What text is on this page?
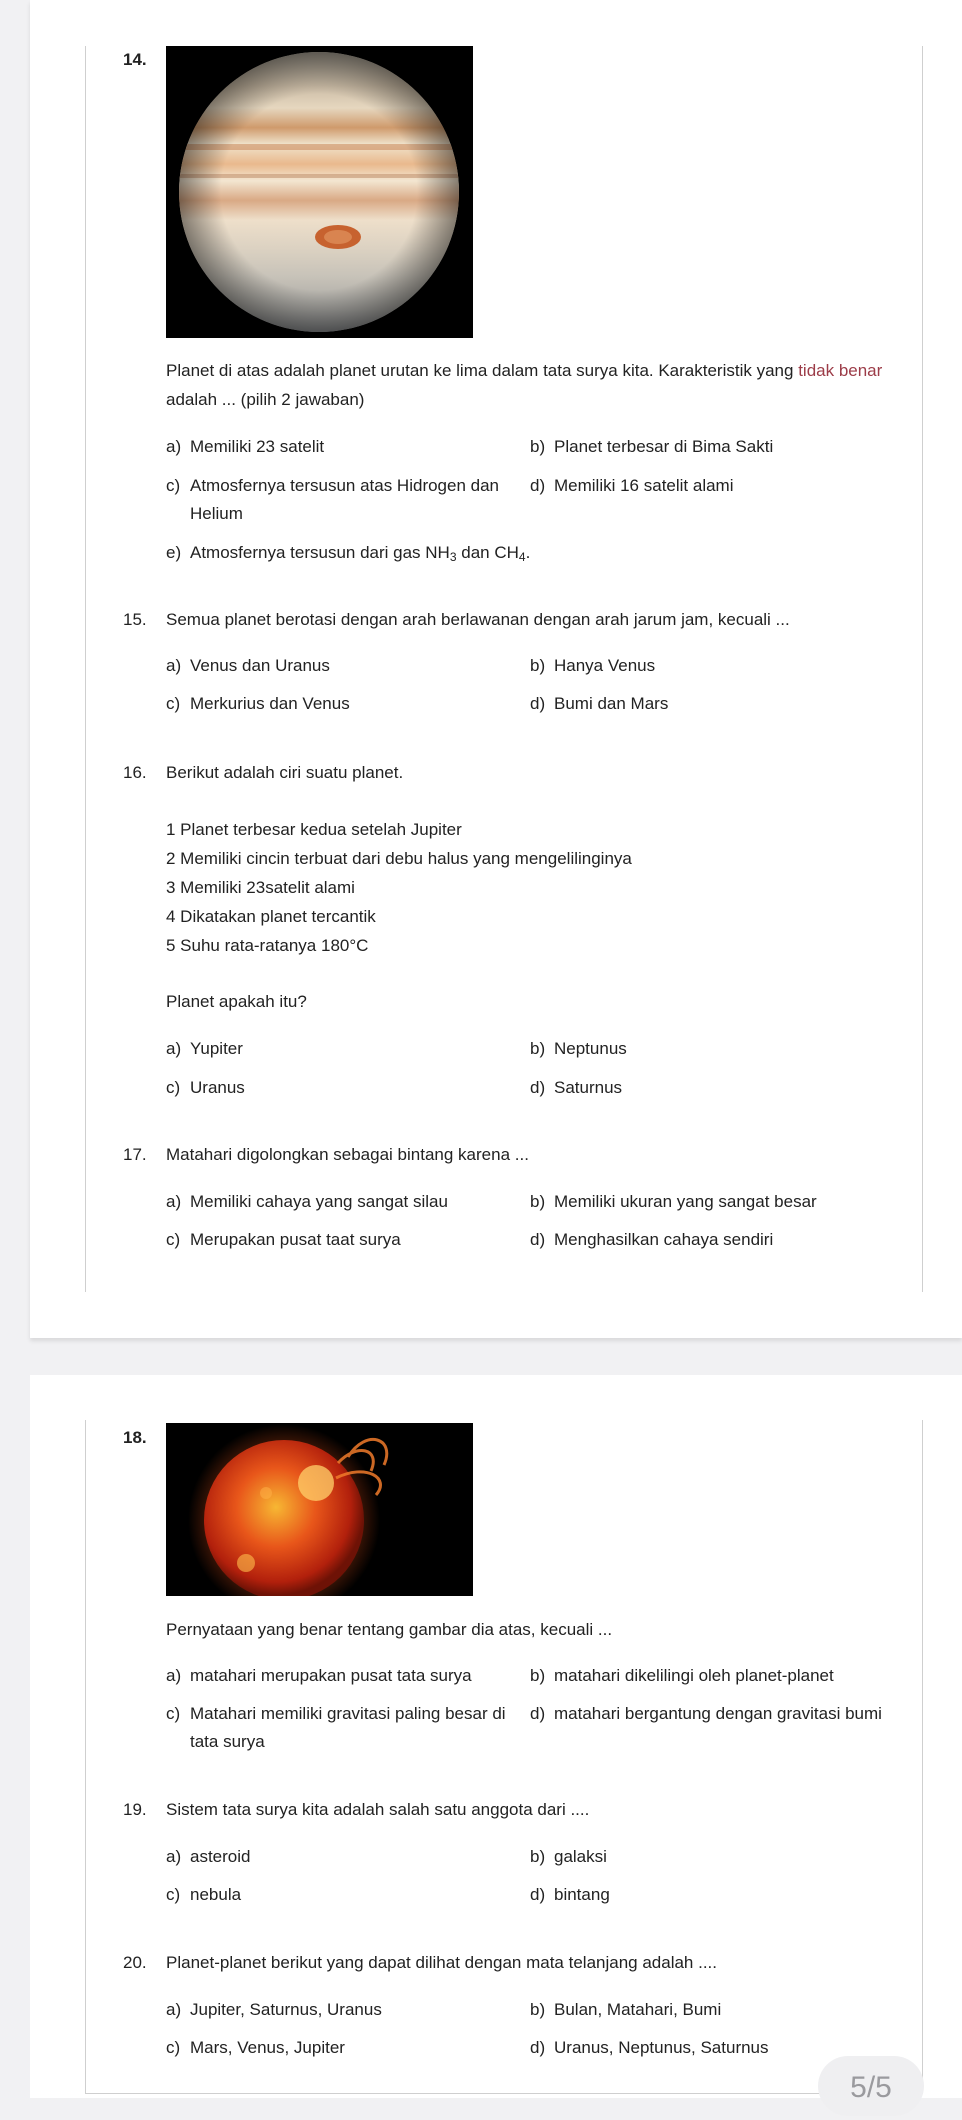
14.
Planet di atas adalah planet urutan ke lima dalam tata surya kita. Karakteristik yang tidak benar
adalah ... (pilih 2 jawaban)
a) Memiliki 23 satelit	b) Planet terbesar di Bima Sakti
c) Atmosfernya tersusun atas Hidrogen dan
Helium
d) Memiliki 16 satelit alami
e) Atmosfernya tersusun dari gas $NH_3$ dan $CH_4$.
15. Semua planet berotasi dengan arah berlawanan dengan arah jarum jam, kecuali ...
a) Venus dan Uranus	b) Hanya Venus
c) Merkurius dan Venus	d) Bumi dan Mars
16. Berikut adalah ciri suatu planet.
1 Planet terbesar kedua setelah Jupiter
2 Memiliki cincin terbuat dari debu halus yang mengelilinginya
3 Memiliki 23satelit alami
4 Dikatakan planet tercantik
5 Suhu rata-ratanya 180°C
Planet apakah itu?
a) Yupiter	b) Neptunus
c) Uranus	d) Saturnus
17. Matahari digolongkan sebagai bintang karena ...
a) Memiliki cahaya yang sangat silau	b) Memiliki ukuran yang sangat besar
c) Merupakan pusat taat surya	d) Menghasilkan cahaya sendiri
18.
Pernyataan yang benar tentang gambar dia atas, kecuali ...
a) matahari merupakan pusat tata surya	b) matahari dikelilingi oleh planet-planet
c) Matahari memiliki gravitasi paling besar di
tata surya
d) matahari bergantung dengan gravitasi bumi
19. Sistem tata surya kita adalah salah satu anggota dari ....
a) asteroid	b) galaksi
c) nebula	d) bintang
20. Planet-planet berikut yang dapat dilihat dengan mata telanjang adalah ....
a) Jupiter, Saturnus, Uranus	b) Bulan, Matahari, Bumi
c) Mars, Venus, Jupiter	d) Uranus, Neptunus, Saturnus
5/5
